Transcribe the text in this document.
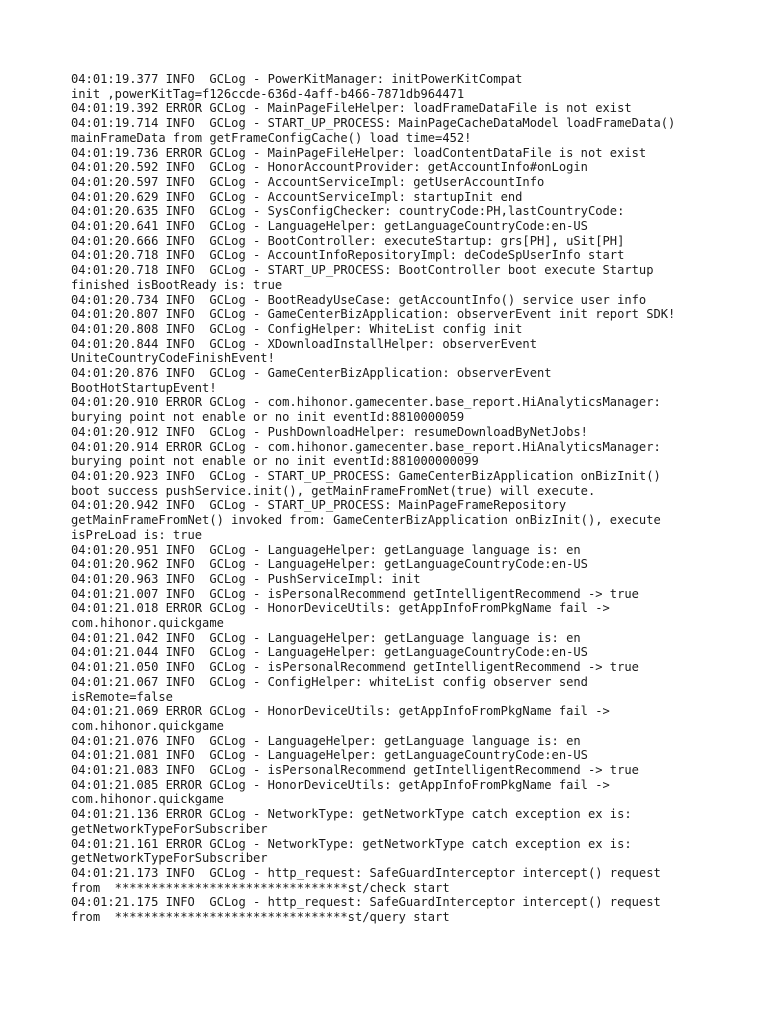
04:01:19.377 INFO  GCLog - PowerKitManager: initPowerKitCompat

init ,powerKitTag=f126ccde-636d-4aff-b466-7871db964471

04:01:19.392 ERROR GCLog - MainPageFileHelper: loadFrameDataFile is not exist

04:01:19.714 INFO  GCLog - START_UP_PROCESS: MainPageCacheDataModel loadFrameData()

mainFrameData from getFrameConfigCache() load time=452!

04:01:19.736 ERROR GCLog - MainPageFileHelper: loadContentDataFile is not exist

04:01:20.592 INFO  GCLog - HonorAccountProvider: getAccountInfo#onLogin

04:01:20.597 INFO  GCLog - AccountServiceImpl: getUserAccountInfo

04:01:20.629 INFO  GCLog - AccountServiceImpl: startupInit end

04:01:20.635 INFO  GCLog - SysConfigChecker: countryCode:PH,lastCountryCode:

04:01:20.641 INFO  GCLog - LanguageHelper: getLanguageCountryCode:en-US

04:01:20.666 INFO  GCLog - BootController: executeStartup: grs[PH], uSit[PH]

04:01:20.718 INFO  GCLog - AccountInfoRepositoryImpl: deCodeSpUserInfo start

04:01:20.718 INFO  GCLog - START_UP_PROCESS: BootController boot execute Startup

finished isBootReady is: true

04:01:20.734 INFO  GCLog - BootReadyUseCase: getAccountInfo() service user info

04:01:20.807 INFO  GCLog - GameCenterBizApplication: observerEvent init report SDK!

04:01:20.808 INFO  GCLog - ConfigHelper: WhiteList config init

04:01:20.844 INFO  GCLog - XDownloadInstallHelper: observerEvent

UniteCountryCodeFinishEvent!

04:01:20.876 INFO  GCLog - GameCenterBizApplication: observerEvent

BootHotStartupEvent!

04:01:20.910 ERROR GCLog - com.hihonor.gamecenter.base_report.HiAnalyticsManager:

burying point not enable or no init eventId:8810000059

04:01:20.912 INFO  GCLog - PushDownloadHelper: resumeDownloadByNetJobs!

04:01:20.914 ERROR GCLog - com.hihonor.gamecenter.base_report.HiAnalyticsManager:

burying point not enable or no init eventId:881000000099

04:01:20.923 INFO  GCLog - START_UP_PROCESS: GameCenterBizApplication onBizInit()

boot success pushService.init(), getMainFrameFromNet(true) will execute.

04:01:20.942 INFO  GCLog - START_UP_PROCESS: MainPageFrameRepository

getMainFrameFromNet() invoked from: GameCenterBizApplication onBizInit(), execute

isPreLoad is: true

04:01:20.951 INFO  GCLog - LanguageHelper: getLanguage language is: en

04:01:20.962 INFO  GCLog - LanguageHelper: getLanguageCountryCode:en-US

04:01:20.963 INFO  GCLog - PushServiceImpl: init

04:01:21.007 INFO  GCLog - isPersonalRecommend getIntelligentRecommend -> true

04:01:21.018 ERROR GCLog - HonorDeviceUtils: getAppInfoFromPkgName fail ->

com.hihonor.quickgame

04:01:21.042 INFO  GCLog - LanguageHelper: getLanguage language is: en

04:01:21.044 INFO  GCLog - LanguageHelper: getLanguageCountryCode:en-US

04:01:21.050 INFO  GCLog - isPersonalRecommend getIntelligentRecommend -> true

04:01:21.067 INFO  GCLog - ConfigHelper: whiteList config observer send

isRemote=false

04:01:21.069 ERROR GCLog - HonorDeviceUtils: getAppInfoFromPkgName fail ->

com.hihonor.quickgame

04:01:21.076 INFO  GCLog - LanguageHelper: getLanguage language is: en

04:01:21.081 INFO  GCLog - LanguageHelper: getLanguageCountryCode:en-US

04:01:21.083 INFO  GCLog - isPersonalRecommend getIntelligentRecommend -> true

04:01:21.085 ERROR GCLog - HonorDeviceUtils: getAppInfoFromPkgName fail ->

com.hihonor.quickgame

04:01:21.136 ERROR GCLog - NetworkType: getNetworkType catch exception ex is:

getNetworkTypeForSubscriber

04:01:21.161 ERROR GCLog - NetworkType: getNetworkType catch exception ex is:

getNetworkTypeForSubscriber

04:01:21.173 INFO  GCLog - http_request: SafeGuardInterceptor intercept() request

from  ********************************st/check start

04:01:21.175 INFO  GCLog - http_request: SafeGuardInterceptor intercept() request

from  ********************************st/query start
